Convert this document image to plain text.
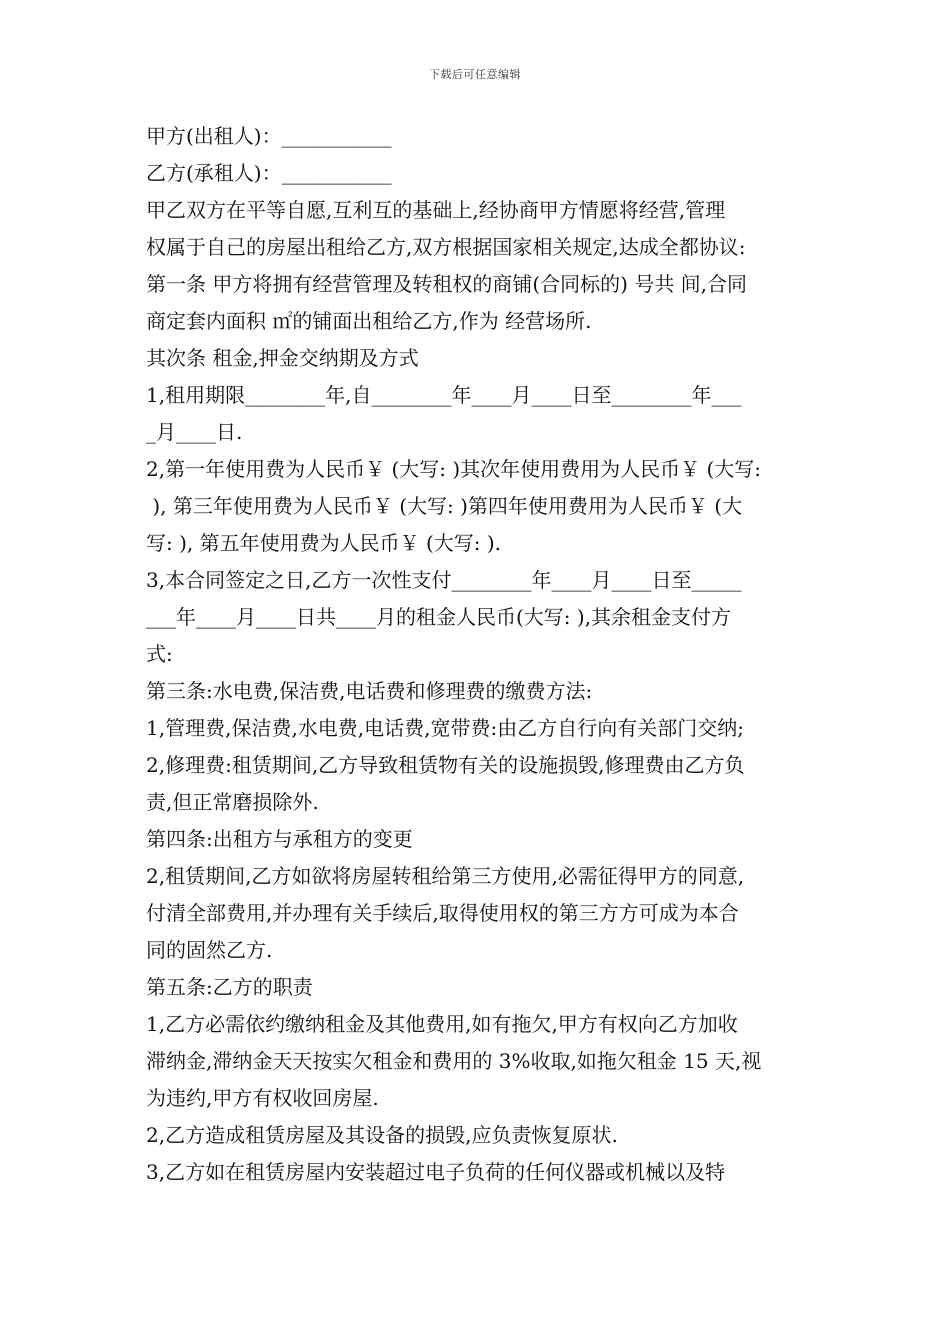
下载后可任意编辑
甲方(出租人)：___________
乙方(承租人)：___________
甲乙双方在平等自愿,互利互的基础上,经协商甲方情愿将经营,管理
权属于自己的房屋出租给乙方,双方根据国家相关规定,达成全都协议:
第一条 甲方将拥有经营管理及转租权的商铺(合同标的) 号共 间,合同
商定套内面积 ㎡的铺面出租给乙方,作为 经营场所.
其次条 租金,押金交纳期及方式
1,租用期限________年,自________年____月____日至________年___
_月____日.
2,第一年使用费为人民币￥ (大写: )其次年使用费用为人民币￥ (大写:
), 第三年使用费为人民币￥ (大写: )第四年使用费用为人民币￥ (大
写: ), 第五年使用费为人民币￥ (大写: ).
3,本合同签定之日,乙方一次性支付________年____月____日至_____
___年____月____日共____月的租金人民币(大写: ),其余租金支付方
式:
第三条:水电费,保洁费,电话费和修理费的缴费方法:
1,管理费,保洁费,水电费,电话费,宽带费:由乙方自行向有关部门交纳;
2,修理费:租赁期间,乙方导致租赁物有关的设施损毁,修理费由乙方负
责,但正常磨损除外.
第四条:出租方与承租方的变更
2,租赁期间,乙方如欲将房屋转租给第三方使用,必需征得甲方的同意,
付清全部费用,并办理有关手续后,取得使用权的第三方方可成为本合
同的固然乙方.
第五条:乙方的职责
1,乙方必需依约缴纳租金及其他费用,如有拖欠,甲方有权向乙方加收
滞纳金,滞纳金天天按实欠租金和费用的 3%收取,如拖欠租金 15 天,视
为违约,甲方有权收回房屋.
2,乙方造成租赁房屋及其设备的损毁,应负责恢复原状.
3,乙方如在租赁房屋内安装超过电子负荷的任何仪器或机械以及特
